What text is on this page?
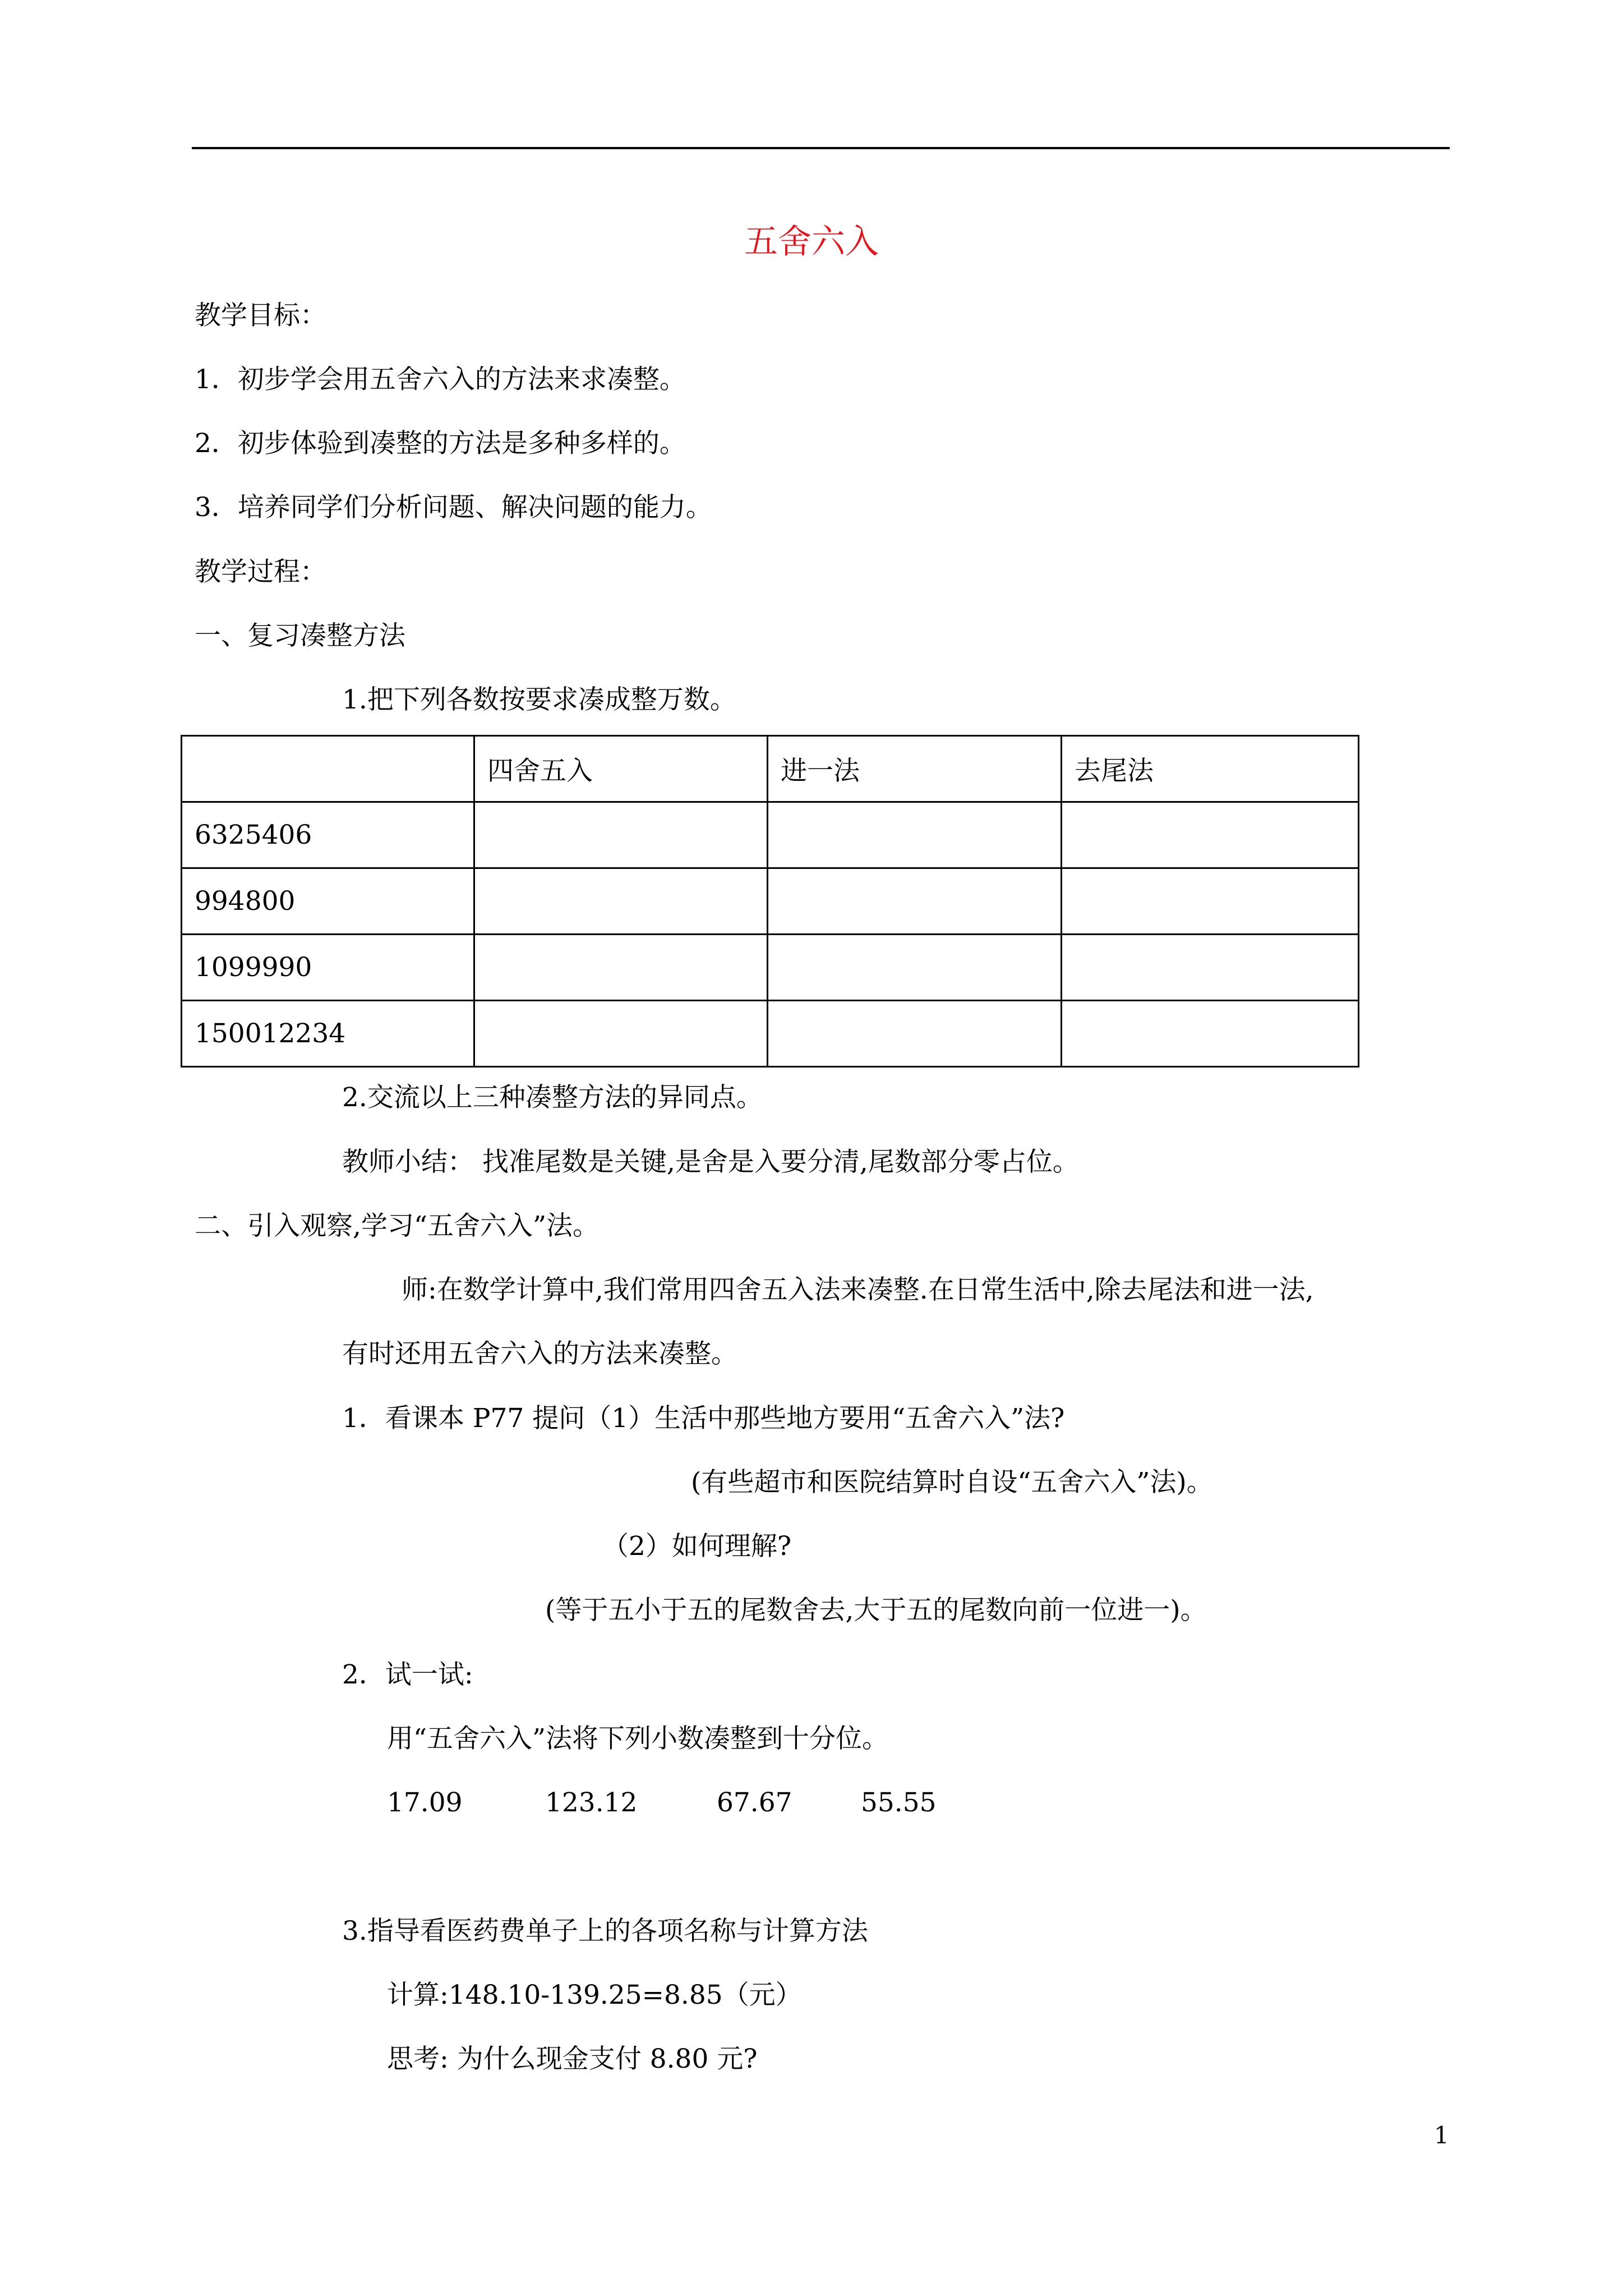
五舍六入
教学目标：
1．初步学会用五舍六入的方法来求凑整。
2．初步体验到凑整的方法是多种多样的。
3．培养同学们分析问题、解决问题的能力。
教学过程：
一、复习凑整方法
1.把下列各数按要求凑成整万数。
	四舍五入	进一法	去尾法
6325406			
994800			
1099990			
150012234			
2.交流以上三种凑整方法的异同点。
教师小结： 找准尾数是关键,是舍是入要分清,尾数部分零占位。
二、引入观察,学习“五舍六入”法。
师:在数学计算中,我们常用四舍五入法来凑整.在日常生活中,除去尾法和进一法,
有时还用五舍六入的方法来凑整。
1．看课本 P77 提问（1）生活中那些地方要用“五舍六入”法?
(有些超市和医院结算时自设“五舍六入”法)。
（2）如何理解?
(等于五小于五的尾数舍去,大于五的尾数向前一位进一)。
2．试一试:
用“五舍六入”法将下列小数凑整到十分位。
17.09	123.12	67.67	55.55
3.指导看医药费单子上的各项名称与计算方法
计算:148.10-139.25=8.85（元）
思考: 为什么现金支付 8.80 元?
1
